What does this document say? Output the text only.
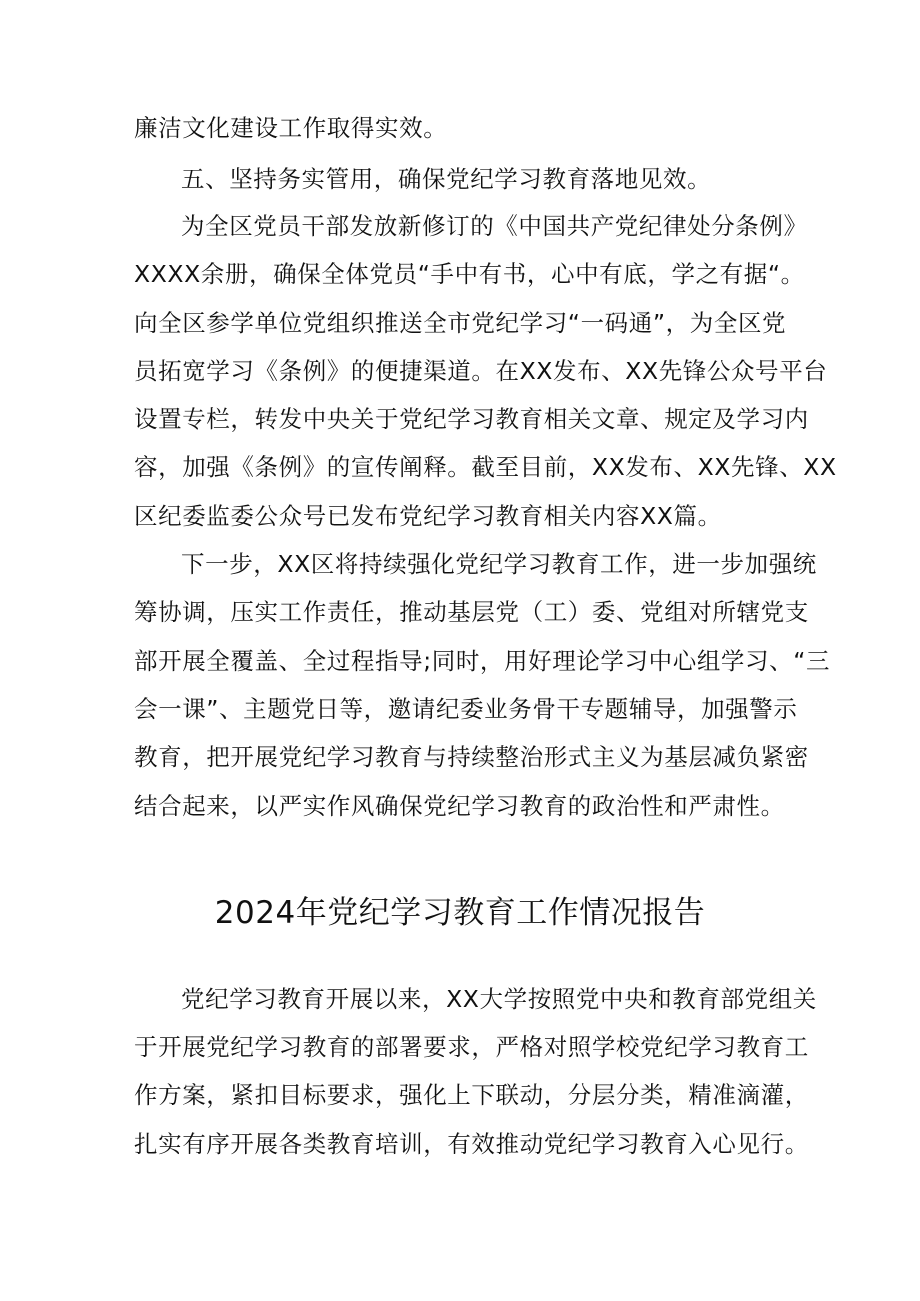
廉洁文化建设工作取得实效。
五、坚持务实管用，确保党纪学习教育落地见效。
为全区党员干部发放新修订的《中国共产党纪律处分条例》
XXXX余册，确保全体党员“手中有书，心中有底，学之有据“。
向全区参学单位党组织推送全市党纪学习“一码通”，为全区党
员拓宽学习《条例》的便捷渠道。在XX发布、XX先锋公众号平台
设置专栏，转发中央关于党纪学习教育相关文章、规定及学习内
容，加强《条例》的宣传阐释。截至目前，XX发布、XX先锋、XX
区纪委监委公众号已发布党纪学习教育相关内容XX篇。
下一步，XX区将持续强化党纪学习教育工作，进一步加强统
筹协调，压实工作责任，推动基层党（工）委、党组对所辖党支
部开展全覆盖、全过程指导;同时，用好理论学习中心组学习、“三
会一课”、主题党日等，邀请纪委业务骨干专题辅导，加强警示
教育，把开展党纪学习教育与持续整治形式主义为基层减负紧密
结合起来，以严实作风确保党纪学习教育的政治性和严肃性。
2024年党纪学习教育工作情况报告
党纪学习教育开展以来，XX大学按照党中央和教育部党组关
于开展党纪学习教育的部署要求，严格对照学校党纪学习教育工
作方案，紧扣目标要求，强化上下联动，分层分类，精准滴灌，
扎实有序开展各类教育培训，有效推动党纪学习教育入心见行。
